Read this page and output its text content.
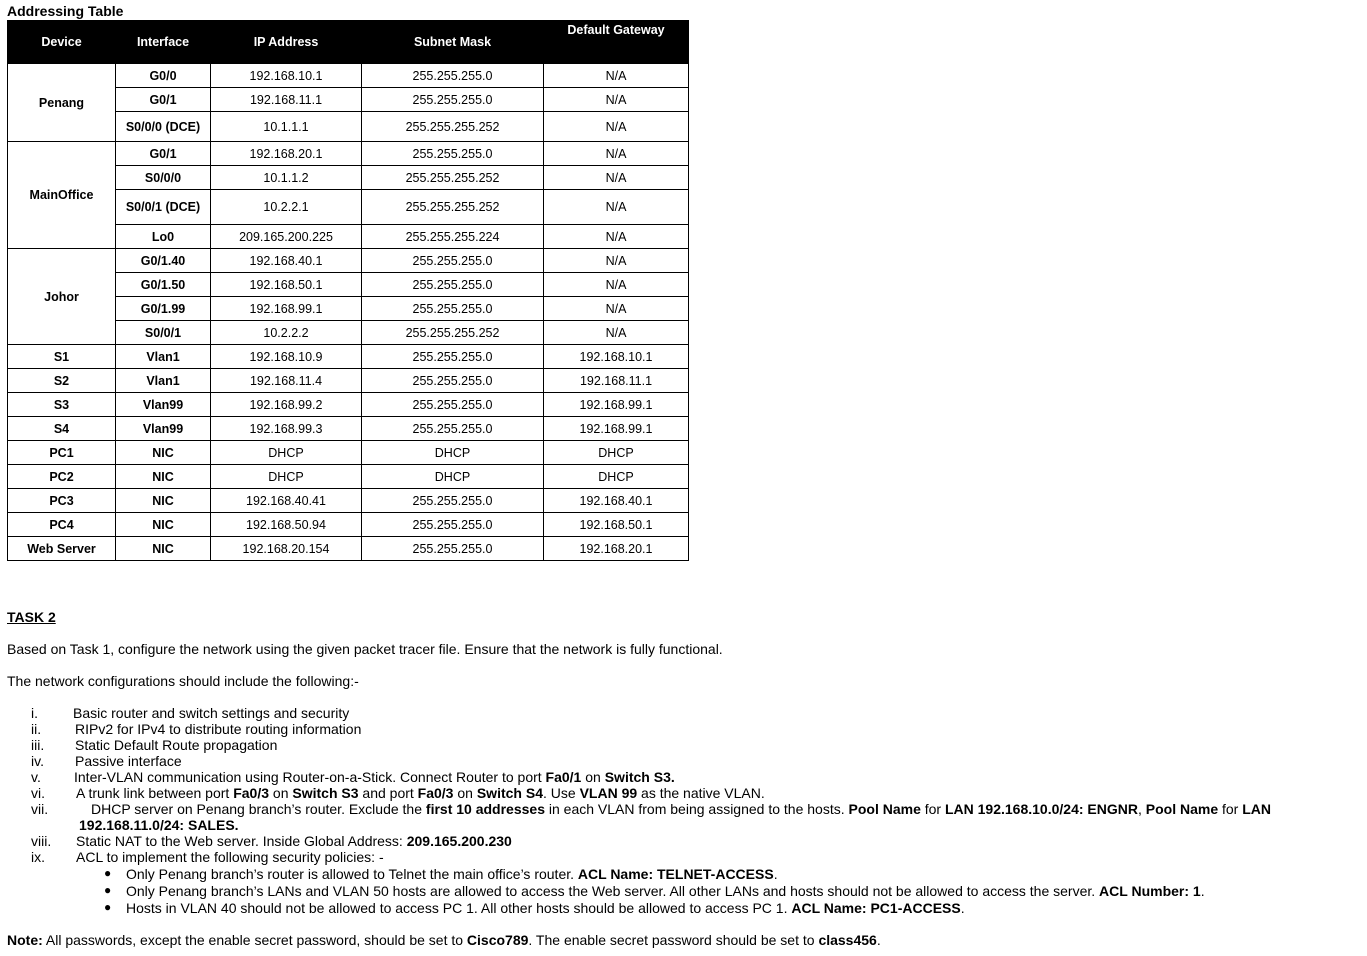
Addressing Table
Device	Interface	IP Address	Subnet Mask	Default Gateway
Penang	G0/0	192.168.10.1	255.255.255.0	N/A
	G0/1	192.168.11.1	255.255.255.0	N/A
	S0/0/0 (DCE)	10.1.1.1	255.255.255.252	N/A
MainOffice	G0/1	192.168.20.1	255.255.255.0	N/A
	S0/0/0	10.1.1.2	255.255.255.252	N/A
	S0/0/1 (DCE)	10.2.2.1	255.255.255.252	N/A
	Lo0	209.165.200.225	255.255.255.224	N/A
Johor	G0/1.40	192.168.40.1	255.255.255.0	N/A
	G0/1.50	192.168.50.1	255.255.255.0	N/A
	G0/1.99	192.168.99.1	255.255.255.0	N/A
	S0/0/1	10.2.2.2	255.255.255.252	N/A
S1	Vlan1	192.168.10.9	255.255.255.0	192.168.10.1
S2	Vlan1	192.168.11.4	255.255.255.0	192.168.11.1
S3	Vlan99	192.168.99.2	255.255.255.0	192.168.99.1
S4	Vlan99	192.168.99.3	255.255.255.0	192.168.99.1
PC1	NIC	DHCP	DHCP	DHCP
PC2	NIC	DHCP	DHCP	DHCP
PC3	NIC	192.168.40.41	255.255.255.0	192.168.40.1
PC4	NIC	192.168.50.94	255.255.255.0	192.168.50.1
Web Server	NIC	192.168.20.154	255.255.255.0	192.168.20.1
TASK 2
Based on Task 1, configure the network using the given packet tracer file. Ensure that the network is fully functional.
The network configurations should include the following:-
i.	Basic router and switch settings and security
ii. RIPv2 for IPv4 to distribute routing information
iii. Static Default Route propagation
iv. Passive interface
v. Inter-VLAN communication using Router-on-a-Stick. Connect Router to port Fa0/1 on Switch S3.
vi. A trunk link between port Fa0/3 on Switch S3 and port Fa0/3 on Switch S4. Use VLAN 99 as the native VLAN.
vii.	DHCP server on Penang branch’s router. Exclude the first 10 addresses in each VLAN from being assigned to the hosts. Pool Name for LAN 192.168.10.0/24: ENGNR, Pool Name for LAN
192.168.11.0/24: SALES.
viii. Static NAT to the Web server. Inside Global Address: 209.165.200.230
ix. ACL to implement the following security policies: -
● Only Penang branch’s router is allowed to Telnet the main office’s router. ACL Name: TELNET-ACCESS.
● Only Penang branch’s LANs and VLAN 50 hosts are allowed to access the Web server. All other LANs and hosts should not be allowed to access the server. ACL Number: 1.
● Hosts in VLAN 40 should not be allowed to access PC 1. All other hosts should be allowed to access PC 1. ACL Name: PC1-ACCESS.
Note: All passwords, except the enable secret password, should be set to Cisco789. The enable secret password should be set to class456.
